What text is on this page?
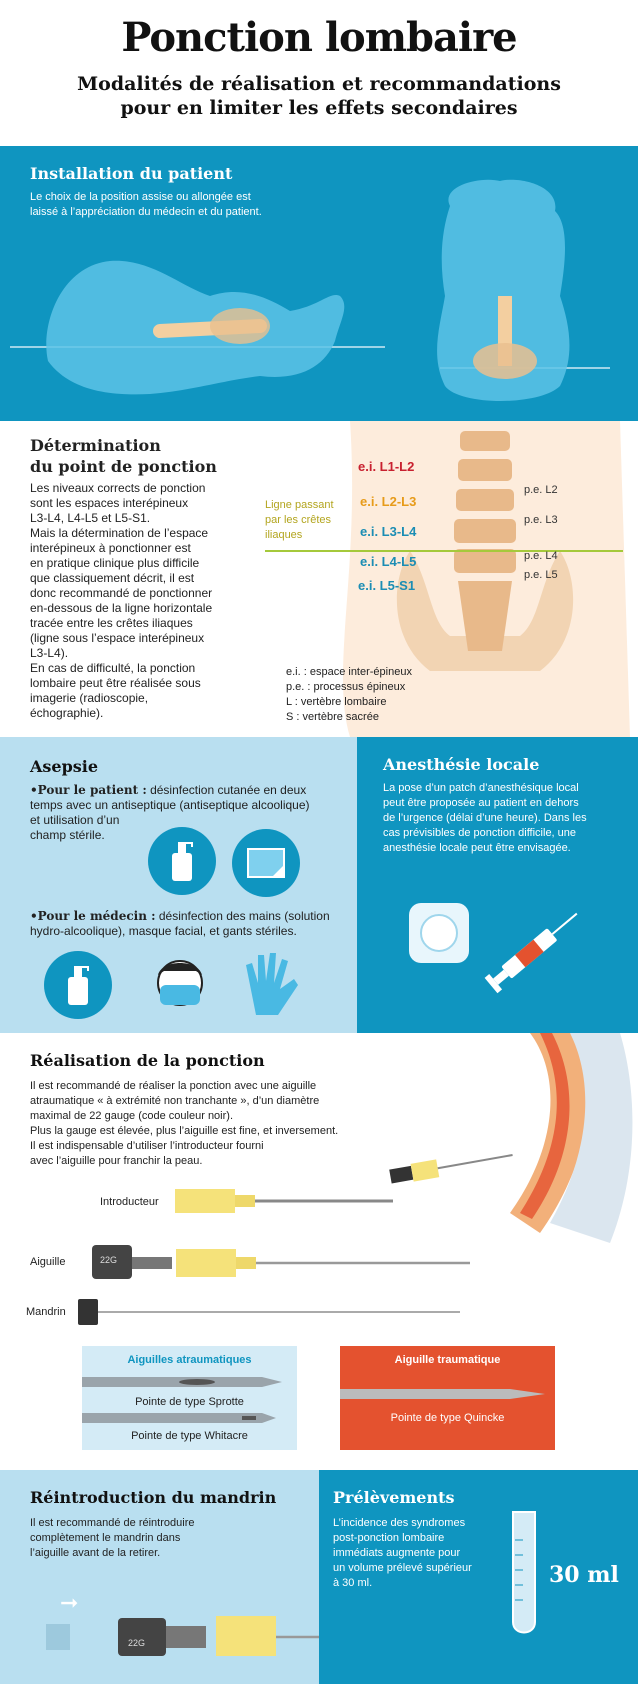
Ponction lombaire
Modalités de réalisation et recommandations
pour en limiter les effets secondaires
Installation du patient
Le choix de la position assise ou allongée est
laissé à l’appréciation du médecin et du patient.
Détermination
du point de ponction
Les niveaux corrects de ponction
sont les espaces interépineux
L3-L4, L4-L5 et L5-S1.
Mais la détermination de l’espace
interépineux à ponctionner est
en pratique clinique plus difficile
que classiquement décrit, il est
donc recommandé de ponctionner
en-dessous de la ligne horizontale
tracée entre les crêtes iliaques
(ligne sous l’espace interépineux
L3-L4).
En cas de difficulté, la ponction
lombaire peut être réalisée sous
imagerie (radioscopie,
échographie).
Ligne passant
par les crêtes
iliaques
e.i. L1-L2
e.i. L2-L3
e.i. L3-L4
e.i. L4-L5
e.i. L5-S1
p.e. L2
p.e. L3
p.e. L4
p.e. L5
e.i. : espace inter-épineux
p.e. : processus épineux
L : vertèbre lombaire
S : vertèbre sacrée
Asepsie
•Pour le patient : désinfection cutanée en deux
temps avec un antiseptique (antiseptique alcoolique)
et utilisation d’un
champ stérile.
•Pour le médecin : désinfection des mains (solution
hydro-alcoolique), masque facial, et gants stériles.
Anesthésie locale
La pose d’un patch d’anesthésique local
peut être proposée au patient en dehors
de l’urgence (délai d’une heure). Dans les
cas prévisibles de ponction difficile, une
anesthésie locale peut être envisagée.
Réalisation de la ponction
Il est recommandé de réaliser la ponction avec une aiguille
atraumatique « à extrémité non tranchante », d’un diamètre
maximal de 22 gauge (code couleur noir).
Plus la gauge est élevée, plus l’aiguille est fine, et inversement.
Il est indispensable d’utiliser l’introducteur fourni
avec l’aiguille pour franchir la peau.
Introducteur
Aiguille	22G
Mandrin
Aiguilles atraumatiques
Pointe de type Sprotte
Pointe de type Whitacre
Aiguille traumatique
Pointe de type Quincke
Réintroduction du mandrin
Il est recommandé de réintroduire
complètement le mandrin dans
l’aiguille avant de la retirer.
➞
22G
Prélèvements
L’incidence des syndromes
post-ponction lombaire
immédiats augmente pour
un volume prélevé supérieur
à 30 ml.	30 ml
